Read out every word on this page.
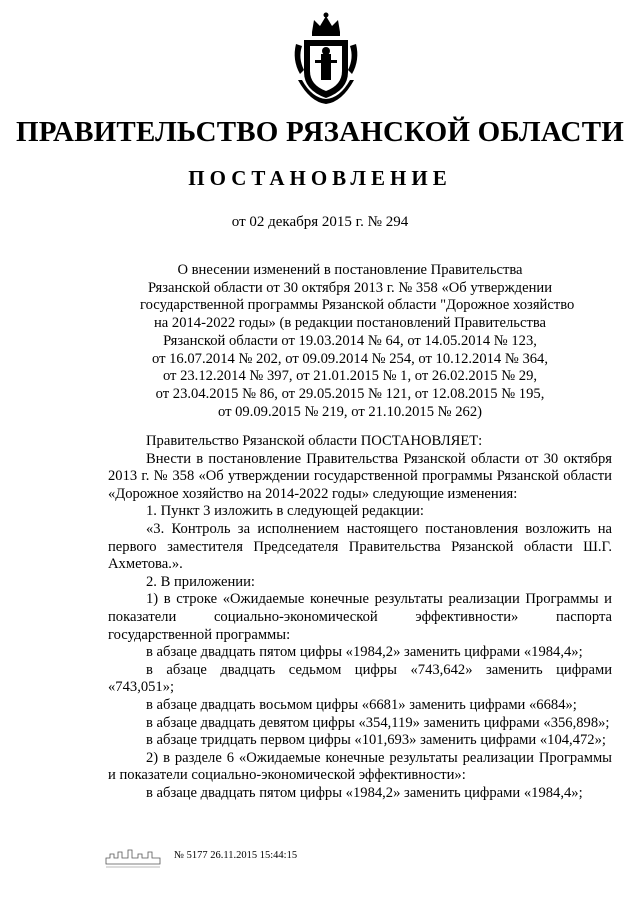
ПРАВИТЕЛЬСТВО РЯЗАНСКОЙ ОБЛАСТИ
ПОСТАНОВЛЕНИЕ
от 02 декабря 2015 г. № 294
О внесении изменений в постановление Правительства
Рязанской области от 30 октября 2013 г. № 358 «Об утверждении
государственной программы Рязанской области "Дорожное хозяйство
на 2014-2022 годы» (в редакции постановлений Правительства
Рязанской области от 19.03.2014 № 64, от 14.05.2014 № 123,
от 16.07.2014 № 202, от 09.09.2014 № 254, от 10.12.2014 № 364,
от 23.12.2014 № 397, от 21.01.2015 № 1, от 26.02.2015 № 29,
от 23.04.2015 № 86, от 29.05.2015 № 121, от 12.08.2015 № 195,
от 09.09.2015 № 219, от 21.10.2015 № 262)
Правительство Рязанской области ПОСТАНОВЛЯЕТ:
Внести в постановление Правительства Рязанской области от 30 октября 2013 г. № 358 «Об утверждении государственной программы Рязанской области «Дорожное хозяйство на 2014-2022 годы» следующие изменения:
1. Пункт 3 изложить в следующей редакции:
«3. Контроль за исполнением настоящего постановления возложить на первого заместителя Председателя Правительства Рязанской области Ш.Г. Ахметова.».
2. В приложении:
1) в строке «Ожидаемые конечные результаты реализации Программы и показатели социально-экономической эффективности» паспорта государственной программы:
в абзаце двадцать пятом цифры «1984,2» заменить цифрами «1984,4»;
в абзаце двадцать седьмом цифры «743,642» заменить цифрами «743,051»;
в абзаце двадцать восьмом цифры «6681» заменить цифрами «6684»;
в абзаце двадцать девятом цифры «354,119» заменить цифрами «356,898»;
в абзаце тридцать первом цифры «101,693» заменить цифрами «104,472»;
2) в разделе 6 «Ожидаемые конечные результаты реализации Программы и показатели социально-экономической эффективности»:
в абзаце двадцать пятом цифры «1984,2» заменить цифрами «1984,4»;
№ 5177 26.11.2015 15:44:15
